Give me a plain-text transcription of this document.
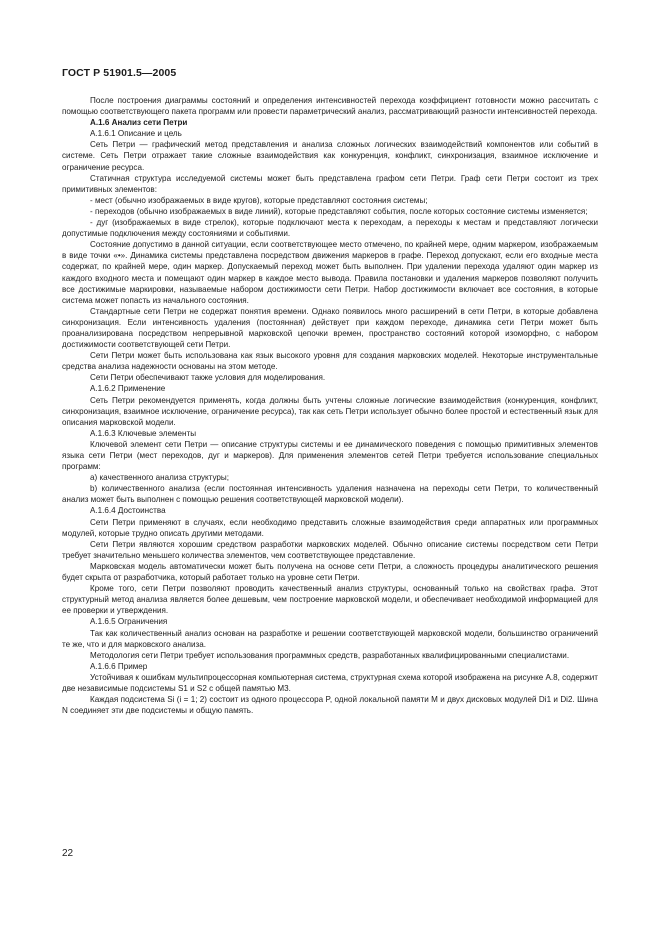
ГОСТ Р 51901.5—2005

После построения диаграммы состояний и определения интенсивностей перехода коэффициент готовности можно рассчитать с помощью соответствующего пакета программ или провести параметрический анализ, рассматривающий разности интенсивностей перехода.

А.1.6 Анализ сети Петри

А.1.6.1 Описание и цель

Сеть Петри — графический метод представления и анализа сложных логических взаимодействий компонентов или событий в системе. Сеть Петри отражает такие сложные взаимодействия как конкуренция, конфликт, синхронизация, взаимное исключение и ограничение ресурса.

Статичная структура исследуемой системы может быть представлена графом сети Петри. Граф сети Петри состоит из трех примитивных элементов:

- мест (обычно изображаемых в виде кругов), которые представляют состояния системы;

- переходов (обычно изображаемых в виде линий), которые представляют события, после которых состояние системы изменяется;

- дуг (изображаемых в виде стрелок), которые подключают места к переходам, а переходы к местам и представляют логически допустимые подключения между состояниями и событиями.

Состояние допустимо в данной ситуации, если соответствующее место отмечено, по крайней мере, одним маркером, изображаемым в виде точки «•». Динамика системы представлена посредством движения маркеров в графе. Переход допускают, если его входные места содержат, по крайней мере, один маркер. Допускаемый переход может быть выполнен. При удалении перехода удаляют один маркер из каждого входного места и помещают один маркер в каждое место вывода. Правила постановки и удаления маркеров позволяют получить все достижимые маркировки, называемые набором достижимости сети Петри. Набор достижимости включает все состояния, в которые система может попасть из начального состояния.

Стандартные сети Петри не содержат понятия времени. Однако появилось много расширений в сети Петри, в которые добавлена синхронизация. Если интенсивность удаления (постоянная) действует при каждом переходе, динамика сети Петри может быть проанализирована посредством непрерывной марковской цепочки времен, пространство состояний которой изоморфно, с набором достижимости соответствующей сети Петри.

Сети Петри может быть использована как язык высокого уровня для создания марковских моделей. Некоторые инструментальные средства анализа надежности основаны на этом методе.

Сети Петри обеспечивают также условия для моделирования.

А.1.6.2 Применение

Сеть Петри рекомендуется применять, когда должны быть учтены сложные логические взаимодействия (конкуренция, конфликт, синхронизация, взаимное исключение, ограничение ресурса), так как сеть Петри использует обычно более простой и естественный язык для описания марковской модели.

А.1.6.3 Ключевые элементы

Ключевой элемент сети Петри — описание структуры системы и ее динамического поведения с помощью примитивных элементов языка сети Петри (мест переходов, дуг и маркеров). Для применения элементов сетей Петри требуется использование специальных программ:

a) качественного анализа структуры;

b) количественного анализа (если постоянная интенсивность удаления назначена на переходы сети Петри, то количественный анализ может быть выполнен с помощью решения соответствующей марковской модели).

А.1.6.4 Достоинства

Сети Петри применяют в случаях, если необходимо представить сложные взаимодействия среди аппаратных или программных модулей, которые трудно описать другими методами.

Сети Петри являются хорошим средством разработки марковских моделей. Обычно описание системы посредством сети Петри требует значительно меньшего количества элементов, чем соответствующее представление.

Марковская модель автоматически может быть получена на основе сети Петри, а сложность процедуры аналитического решения будет скрыта от разработчика, который работает только на уровне сети Петри.

Кроме того, сети Петри позволяют проводить качественный анализ структуры, основанный только на свойствах графа. Этот структурный метод анализа является более дешевым, чем построение марковской модели, и обеспечивает необходимой информацией для ее проверки и утверждения.

А.1.6.5 Ограничения

Так как количественный анализ основан на разработке и решении соответствующей марковской модели, большинство ограничений те же, что и для марковского анализа.

Методология сети Петри требует использования программных средств, разработанных квалифицированными специалистами.

А.1.6.6 Пример

Устойчивая к ошибкам мультипроцессорная компьютерная система, структурная схема которой изображена на рисунке А.8, содержит две независимые подсистемы S1 и S2 с общей памятью М3.

Каждая подсистема Si (i = 1; 2) состоит из одного процессора P, одной локальной памяти М и двух дисковых модулей Di1 и Di2. Шина N соединяет эти две подсистемы и общую память.

22
